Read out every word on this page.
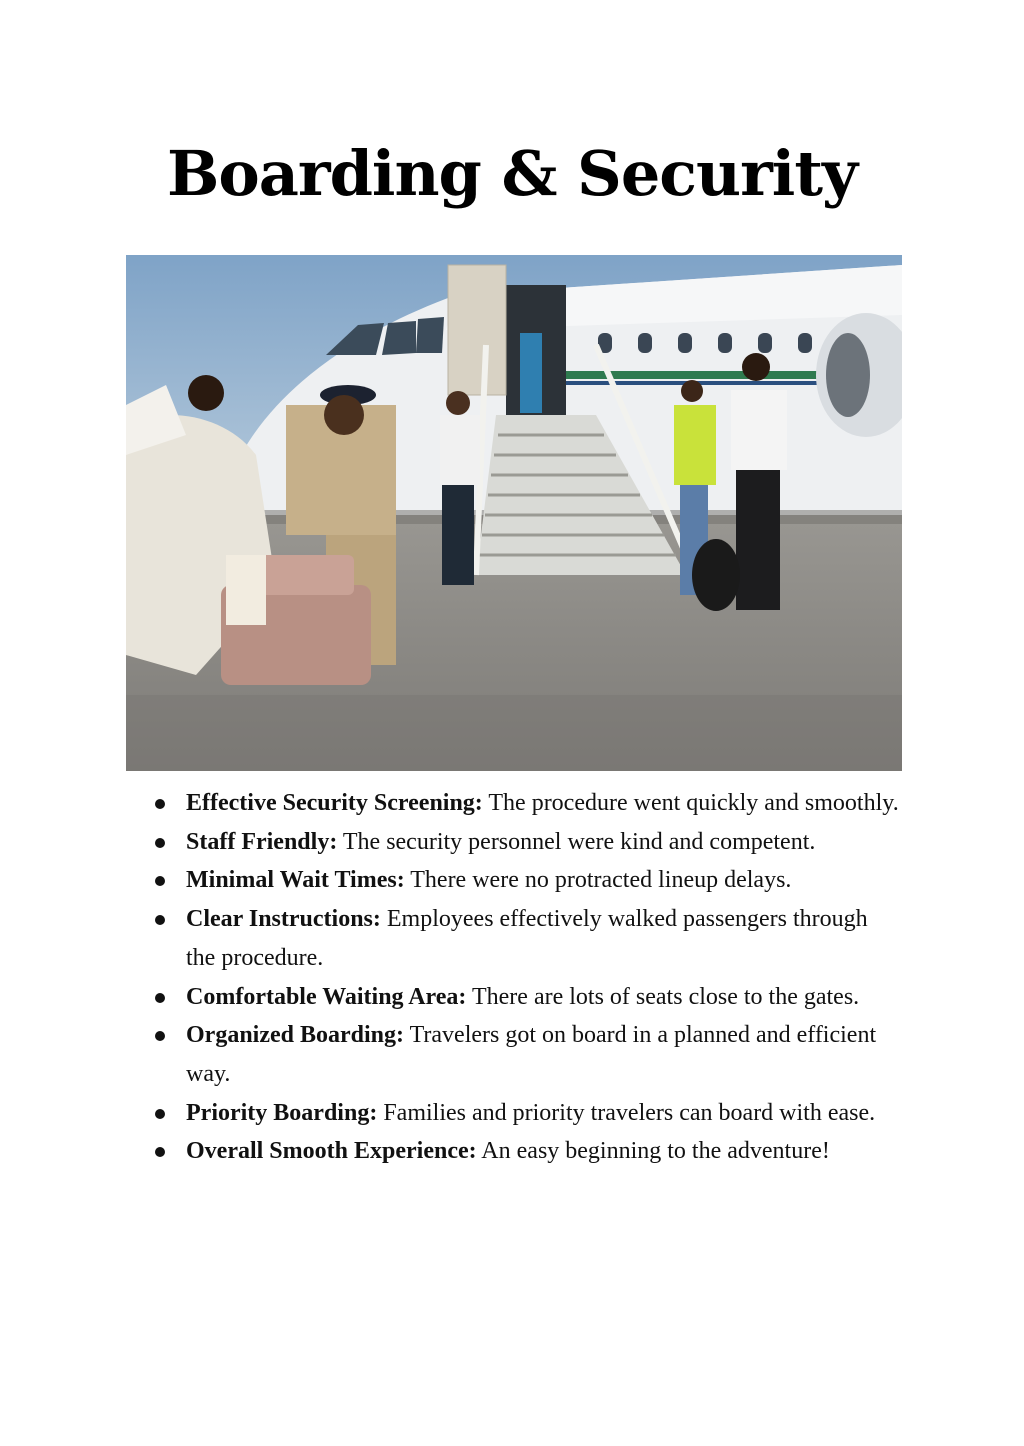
Boarding & Security
Effective Security Screening: The procedure went quickly and smoothly.
Staff Friendly: The security personnel were kind and competent.
Minimal Wait Times: There were no protracted lineup delays.
Clear Instructions: Employees effectively walked passengers through the procedure.
Comfortable Waiting Area: There are lots of seats close to the gates.
Organized Boarding: Travelers got on board in a planned and efficient way.
Priority Boarding: Families and priority travelers can board with ease.
Overall Smooth Experience: An easy beginning to the adventure!
